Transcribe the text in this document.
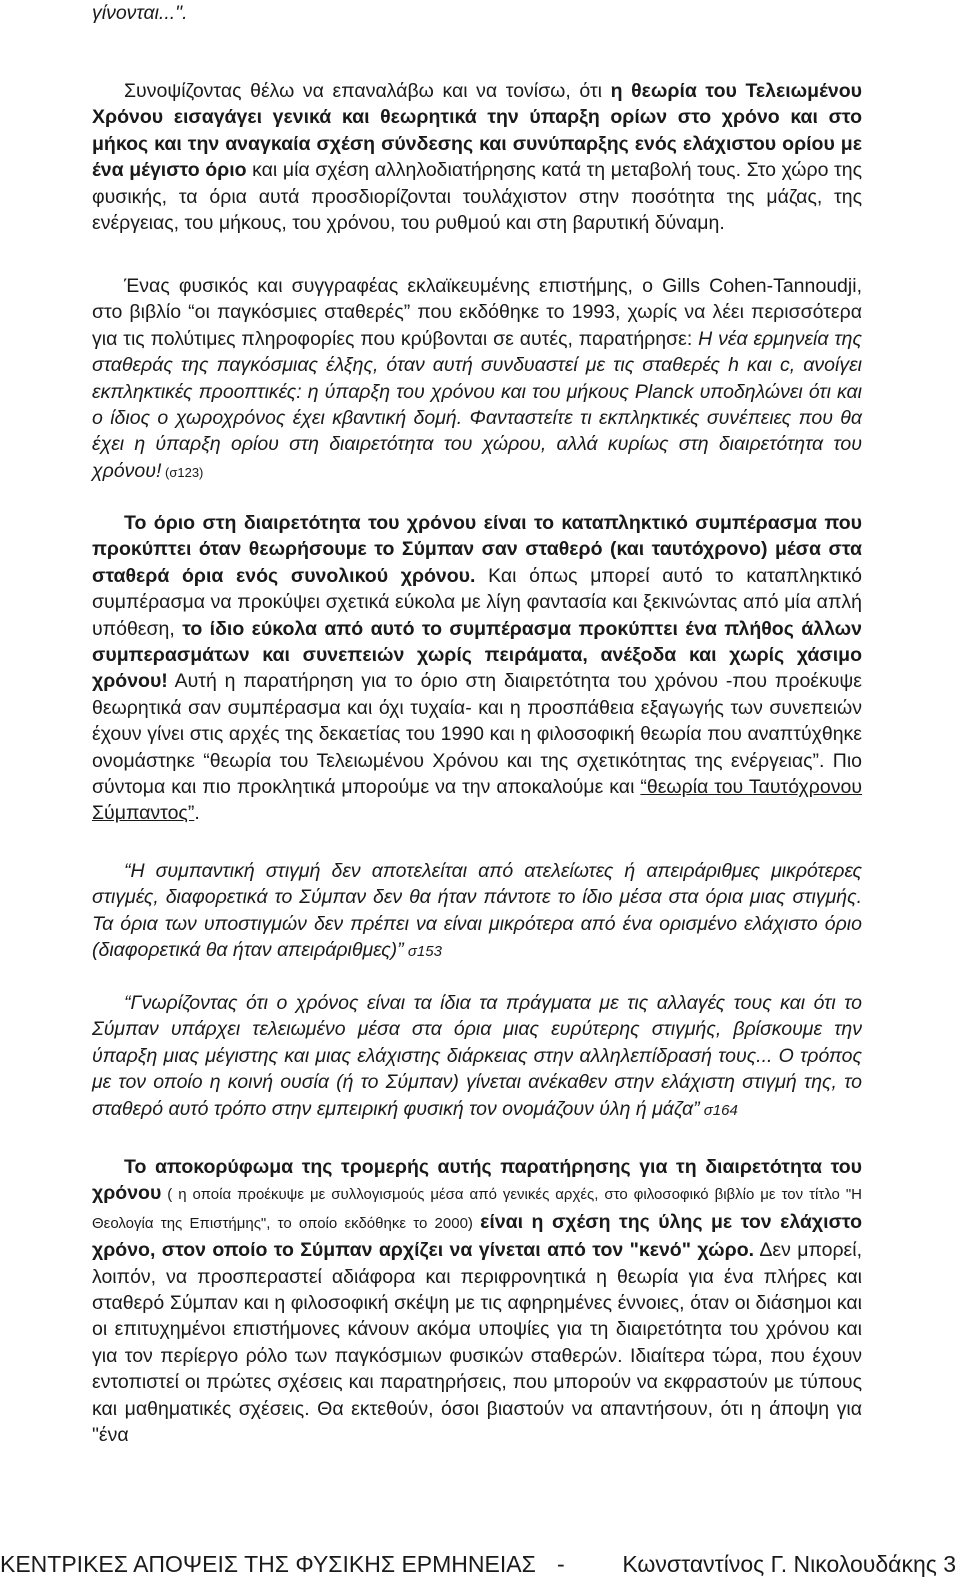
γίνονται...".

Συνοψίζοντας θέλω να επαναλάβω και να τονίσω, ότι η θεωρία του Τελειωμένου Χρόνου εισαγάγει γενικά και θεωρητικά την ύπαρξη ορίων στο χρόνο και στο μήκος και την αναγκαία σχέση σύνδεσης και συνύπαρξης ενός ελάχιστου ορίου με ένα μέγιστο όριο και μία σχέση αλληλοδιατήρησης κατά τη μεταβολή τους. Στο χώρο της φυσικής, τα όρια αυτά προσδιορίζονται τουλάχιστον στην ποσότητα της μάζας, της ενέργειας, του μήκους, του χρόνου, του ρυθμού και στη βαρυτική δύναμη.

Ένας φυσικός και συγγραφέας εκλαϊκευμένης επιστήμης, ο Gills Cohen-Tannoudji, στο βιβλίο “οι παγκόσμιες σταθερές” που εκδόθηκε το 1993, χωρίς να λέει περισσότερα για τις πολύτιμες πληροφορίες που κρύβονται σε αυτές, παρατήρησε: Η νέα ερμηνεία της σταθεράς της παγκόσμιας έλξης, όταν αυτή συνδυαστεί με τις σταθερές h και c, ανοίγει εκπληκτικές προοπτικές: η ύπαρξη του χρόνου και του μήκους Planck υποδηλώνει ότι και ο ίδιος ο χωροχρόνος έχει κβαντική δομή. Φανταστείτε τι εκπληκτικές συνέπειες που θα έχει η ύπαρξη ορίου στη διαιρετότητα του χώρου, αλλά κυρίως στη διαιρετότητα του χρόνου! (σ123)

Το όριο στη διαιρετότητα του χρόνου είναι το καταπληκτικό συμπέρασμα που προκύπτει όταν θεωρήσουμε το Σύμπαν σαν σταθερό (και ταυτόχρονο) μέσα στα σταθερά όρια ενός συνολικού χρόνου. Και όπως μπορεί αυτό το καταπληκτικό συμπέρασμα να προκύψει σχετικά εύκολα με λίγη φαντασία και ξεκινώντας από μία απλή υπόθεση, το ίδιο εύκολα από αυτό το συμπέρασμα προκύπτει ένα πλήθος άλλων συμπερασμάτων και συνεπειών χωρίς πειράματα, ανέξοδα και χωρίς χάσιμο χρόνου! Αυτή η παρατήρηση για το όριο στη διαιρετότητα του χρόνου -που προέκυψε θεωρητικά σαν συμπέρασμα και όχι τυχαία- και η προσπάθεια εξαγωγής των συνεπειών έχουν γίνει στις αρχές της δεκαετίας του 1990 και η φιλοσοφική θεωρία που αναπτύχθηκε ονομάστηκε “θεωρία του Τελειωμένου Χρόνου και της σχετικότητας της ενέργειας”. Πιο σύντομα και πιο προκλητικά μπορούμε να την αποκαλούμε και “θεωρία του Ταυτόχρονου Σύμπαντος”.

“Η συμπαντική στιγμή δεν αποτελείται από ατελείωτες ή απειράριθμες μικρότερες στιγμές, διαφορετικά το Σύμπαν δεν θα ήταν πάντοτε το ίδιο μέσα στα όρια μιας στιγμής. Τα όρια των υποστιγμών δεν πρέπει να είναι μικρότερα από ένα ορισμένο ελάχιστο όριο (διαφορετικά θα ήταν απειράριθμες)” σ153

“Γνωρίζοντας ότι ο χρόνος είναι τα ίδια τα πράγματα με τις αλλαγές τους και ότι το Σύμπαν υπάρχει τελειωμένο μέσα στα όρια μιας ευρύτερης στιγμής, βρίσκουμε την ύπαρξη μιας μέγιστης και μιας ελάχιστης διάρκειας στην αλληλεπίδρασή τους... Ο τρόπος με τον οποίο η κοινή ουσία (ή το Σύμπαν) γίνεται ανέκαθεν στην ελάχιστη στιγμή της, το σταθερό αυτό τρόπο στην εμπειρική φυσική τον ονομάζουν ύλη ή μάζα” σ164

Το αποκορύφωμα της τρομερής αυτής παρατήρησης για τη διαιρετότητα του χρόνου ( η οποία προέκυψε με συλλογισμούς μέσα από γενικές αρχές, στο φιλοσοφικό βιβλίο με τον τίτλο "Η Θεολογία της Επιστήμης", το οποίο εκδόθηκε το 2000) είναι η σχέση της ύλης με τον ελάχιστο χρόνο, στον οποίο το Σύμπαν αρχίζει να γίνεται από τον "κενό" χώρο. Δεν μπορεί, λοιπόν, να προσπεραστεί αδιάφορα και περιφρονητικά η θεωρία για ένα πλήρες και σταθερό Σύμπαν και η φιλοσοφική σκέψη με τις αφηρημένες έννοιες, όταν οι διάσημοι και οι επιτυχημένοι επιστήμονες κάνουν ακόμα υποψίες για τη διαιρετότητα του χρόνου και για τον περίεργο ρόλο των παγκόσμιων φυσικών σταθερών. Ιδιαίτερα τώρα, που έχουν εντοπιστεί οι πρώτες σχέσεις και παρατηρήσεις, που μπορούν να εκφραστούν με τύπους και μαθηματικές σχέσεις. Θα εκτεθούν, όσοι βιαστούν να απαντήσουν, ότι η άποψη για "ένα

ΚΕΝΤΡΙΚΕΣ ΑΠΟΨΕΙΣ ΤΗΣ ΦΥΣΙΚΗΣ ΕΡΜΗΝΕΙΑΣ -	Κωνσταντίνος Γ. Νικολουδάκης 3
